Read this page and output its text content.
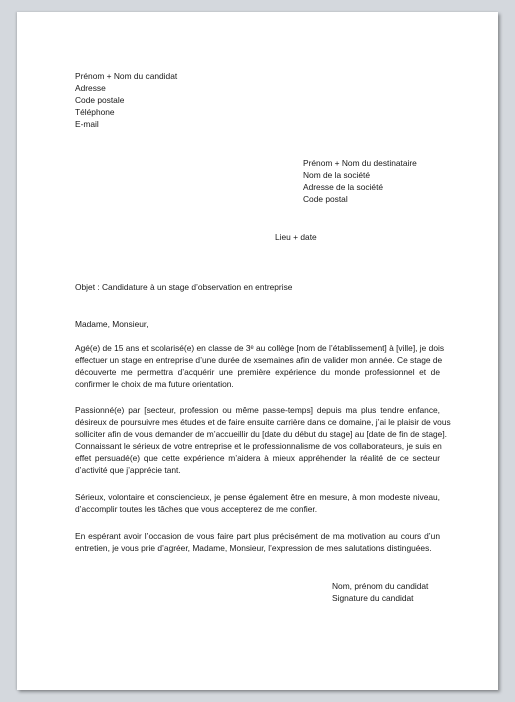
Prénom + Nom du candidat
Adresse
Code postale
Téléphone
E-mail
Prénom + Nom du destinataire
Nom de la société
Adresse de la société
Code postal
Lieu + date
Objet : Candidature à un stage d’observation en entreprise
Madame, Monsieur,
Agé(e) de 15 ans et scolarisé(e) en classe de 3ᵉ au collège [nom de l’établissement] à [ville], je dois
effectuer un stage en entreprise d’une durée de xsemaines afin de valider mon année. Ce stage de
découverte me permettra d’acquérir une première expérience du monde professionnel et de
confirmer le choix de ma future orientation.
Passionné(e) par [secteur, profession ou même passe-temps] depuis ma plus tendre enfance,
désireux de poursuivre mes études et de faire ensuite carrière dans ce domaine, j’ai le plaisir de vous
solliciter afin de vous demander de m’accueillir du [date du début du stage] au [date de fin de stage].
Connaissant le sérieux de votre entreprise et le professionnalisme de vos collaborateurs, je suis en
effet persuadé(e) que cette expérience m’aidera à mieux appréhender la réalité de ce secteur
d’activité que j’apprécie tant.
Sérieux, volontaire et consciencieux, je pense également être en mesure, à mon modeste niveau,
d’accomplir toutes les tâches que vous accepterez de me confier.
En espérant avoir l’occasion de vous faire part plus précisément de ma motivation au cours d’un
entretien, je vous prie d’agréer, Madame, Monsieur, l’expression de mes salutations distinguées.
Nom, prénom du candidat
Signature du candidat
